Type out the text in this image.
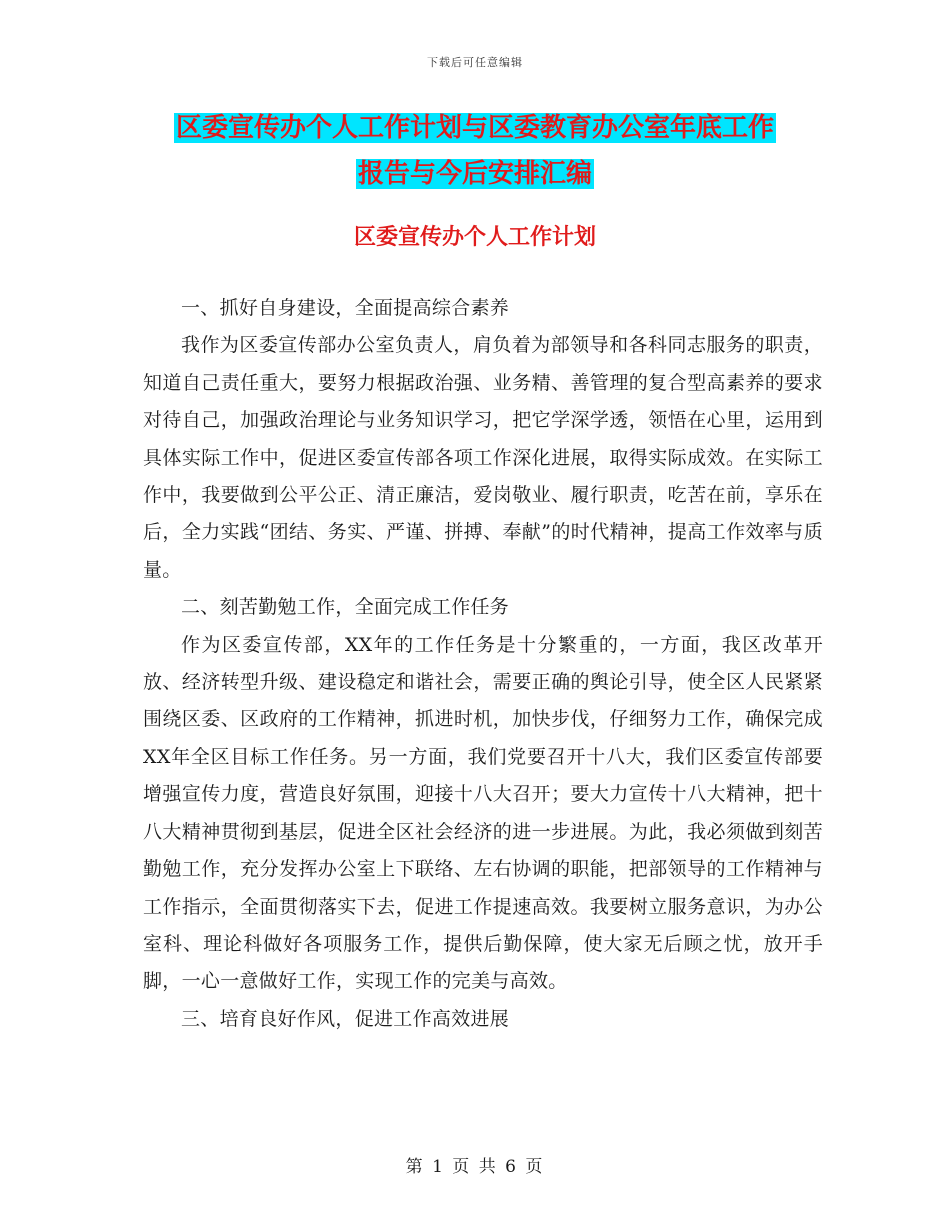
下载后可任意编辑
区委宣传办个人工作计划与区委教育办公室年底工作
报告与今后安排汇编
区委宣传办个人工作计划

一、抓好自身建设，全面提高综合素养

我作为区委宣传部办公室负责人，肩负着为部领导和各科同志服务的职责，知道自己责任重大，要努力根据政治强、业务精、善管理的复合型高素养的要求对待自己，加强政治理论与业务知识学习，把它学深学透，领悟在心里，运用到具体实际工作中，促进区委宣传部各项工作深化进展，取得实际成效。在实际工作中，我要做到公平公正、清正廉洁，爱岗敬业、履行职责，吃苦在前，享乐在后，全力实践“团结、务实、严谨、拼搏、奉献”的时代精神，提高工作效率与质量。

二、刻苦勤勉工作，全面完成工作任务

作为区委宣传部，XX年的工作任务是十分繁重的，一方面，我区改革开放、经济转型升级、建设稳定和谐社会，需要正确的舆论引导，使全区人民紧紧围绕区委、区政府的工作精神，抓进时机，加快步伐，仔细努力工作，确保完成XX年全区目标工作任务。另一方面，我们党要召开十八大，我们区委宣传部要增强宣传力度，营造良好氛围，迎接十八大召开；要大力宣传十八大精神，把十八大精神贯彻到基层，促进全区社会经济的进一步进展。为此，我必须做到刻苦勤勉工作，充分发挥办公室上下联络、左右协调的职能，把部领导的工作精神与工作指示，全面贯彻落实下去，促进工作提速高效。我要树立服务意识，为办公室科、理论科做好各项服务工作，提供后勤保障，使大家无后顾之忧，放开手脚，一心一意做好工作，实现工作的完美与高效。

三、培育良好作风，促进工作高效进展

第 1 页 共 6 页
